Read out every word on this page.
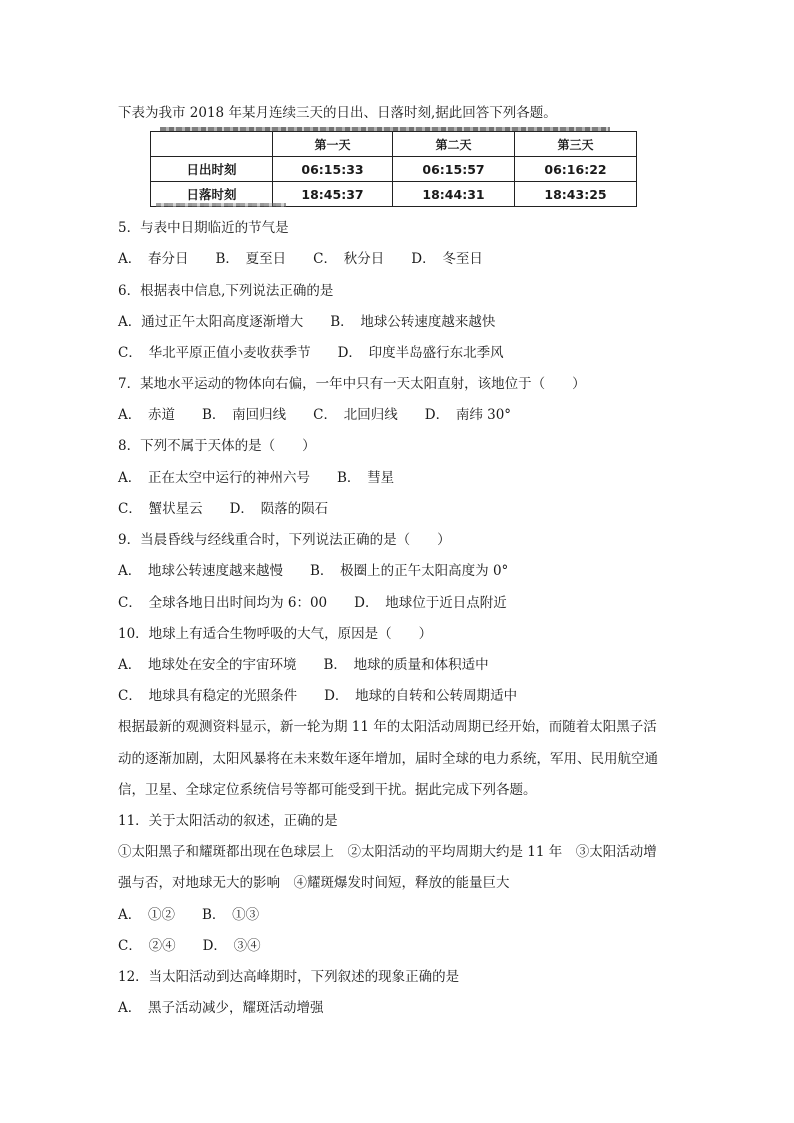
下表为我市 2018 年某月连续三天的日出、日落时刻,据此回答下列各题。
	第一天	第二天	第三天
日出时刻	06:15:33	06:15:57	06:16:22
日落时刻	18:45:37	18:44:31	18:43:25
5．与表中日期临近的节气是
A．　春分日　　B．　夏至日　　C．　秋分日　　D．　冬至日
6．根据表中信息,下列说法正确的是
A．通过正午太阳高度逐渐增大　　B．　地球公转速度越来越快
C．　华北平原正值小麦收获季节　　D．　印度半岛盛行东北季风
7．某地水平运动的物体向右偏，一年中只有一天太阳直射，该地位于（　　）
A．　赤道　　B．　南回归线　　C．　北回归线　　D．　南纬 30°
8．下列不属于天体的是（　　）
A．　正在太空中运行的神州六号　　B．　彗星
C．　蟹状星云　　D．　陨落的陨石
9．当晨昏线与经线重合时，下列说法正确的是（　　）
A．　地球公转速度越来越慢　　B．　极圈上的正午太阳高度为 0°
C．　全球各地日出时间均为 6：00　　D．　地球位于近日点附近
10．地球上有适合生物呼吸的大气，原因是（　　）
A．　地球处在安全的宇宙环境　　B．　地球的质量和体积适中
C．　地球具有稳定的光照条件　　D．　地球的自转和公转周期适中
根据最新的观测资料显示，新一轮为期 11 年的太阳活动周期已经开始，而随着太阳黑子活
动的逐渐加剧，太阳风暴将在未来数年逐年增加，届时全球的电力系统，军用、民用航空通
信，卫星、全球定位系统信号等都可能受到干扰。据此完成下列各题。
11．关于太阳活动的叙述，正确的是
①太阳黑子和耀斑都出现在色球层上　②太阳活动的平均周期大约是 11 年　③太阳活动增
强与否，对地球无大的影响　④耀斑爆发时间短，释放的能量巨大
A．　①②　　B．　①③
C．　②④　　D．　③④
12．当太阳活动到达高峰期时，下列叙述的现象正确的是
A．　黑子活动减少，耀斑活动增强
